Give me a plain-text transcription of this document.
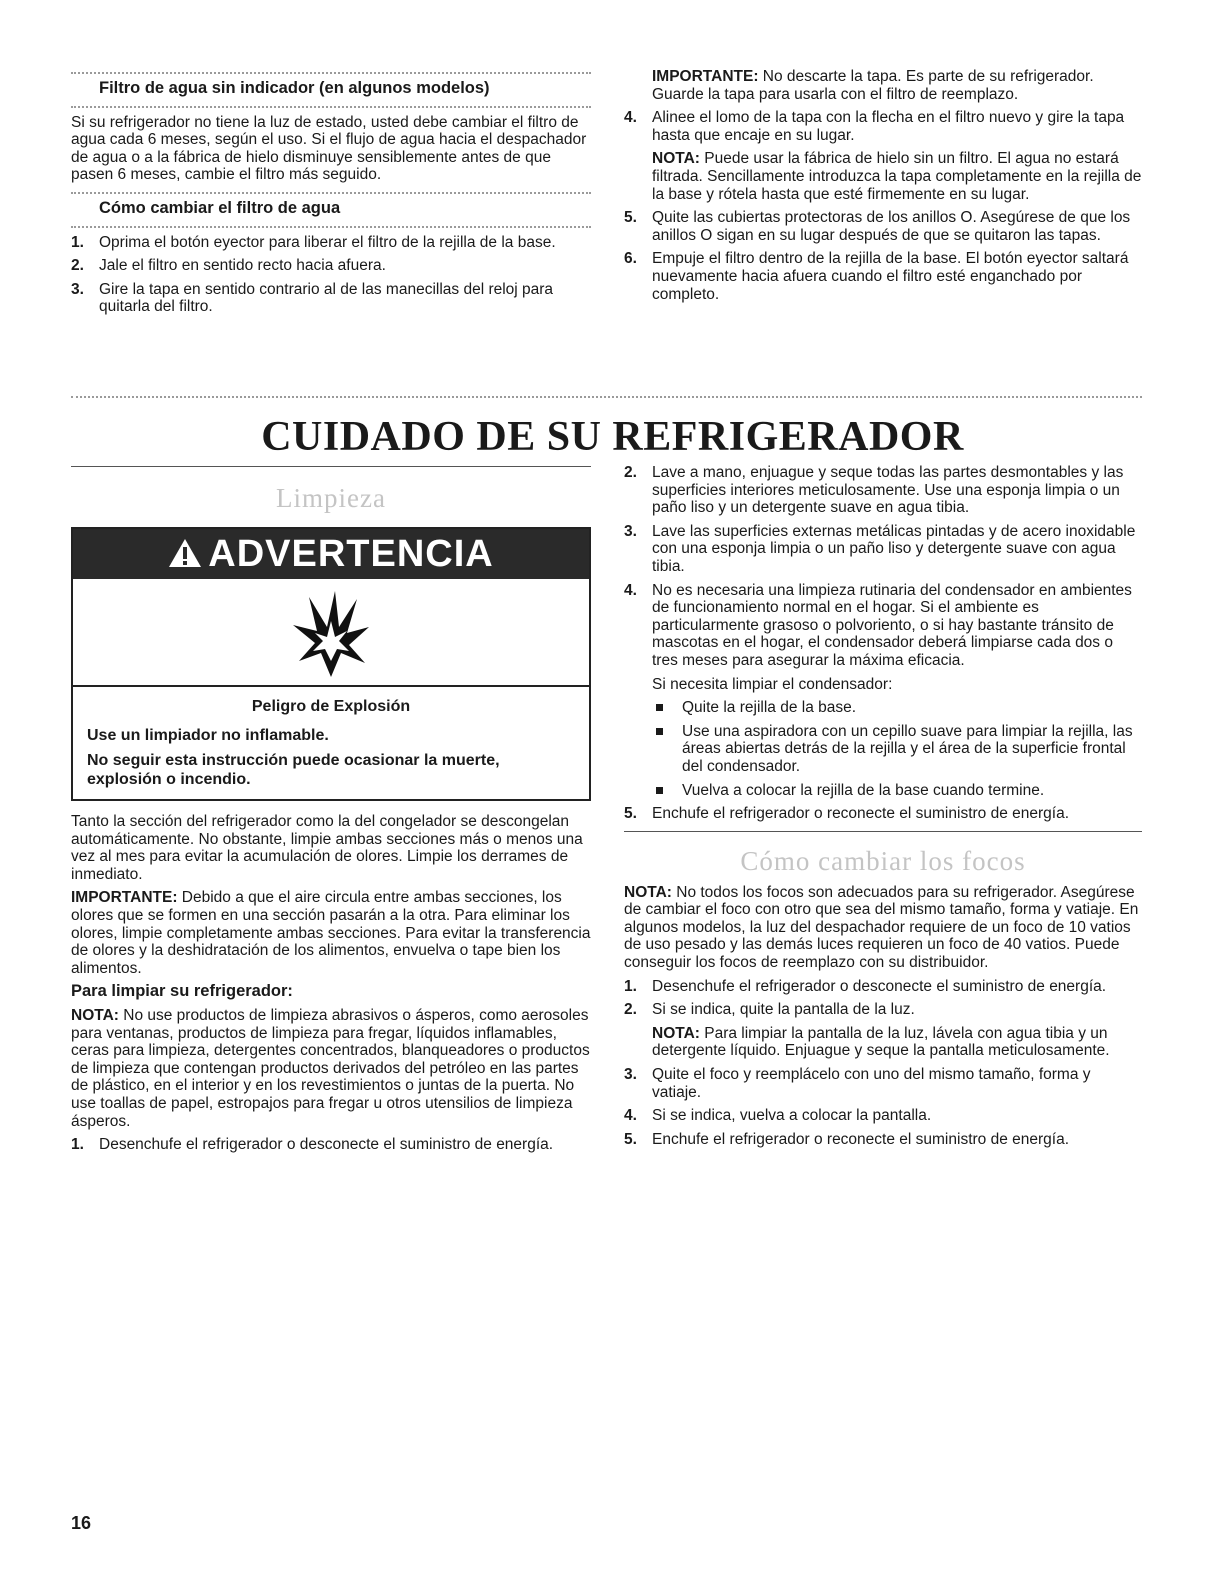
Filtro de agua sin indicador (en algunos modelos)

Si su refrigerador no tiene la luz de estado, usted debe cambiar el filtro de agua cada 6 meses, según el uso. Si el flujo de agua hacia el despachador de agua o a la fábrica de hielo disminuye sensiblemente antes de que pasen 6 meses, cambie el filtro más seguido.

Cómo cambiar el filtro de agua
1. Oprima el botón eyector para liberar el filtro de la rejilla de la base.
2. Jale el filtro en sentido recto hacia afuera.
3. Gire la tapa en sentido contrario al de las manecillas del reloj para quitarla del filtro.

IMPORTANTE: No descarte la tapa. Es parte de su refrigerador. Guarde la tapa para usarla con el filtro de reemplazo.

4. Alinee el lomo de la tapa con la flecha en el filtro nuevo y gire la tapa hasta que encaje en su lugar.

NOTA: Puede usar la fábrica de hielo sin un filtro. El agua no estará filtrada. Sencillamente introduzca la tapa completamente en la rejilla de la base y rótela hasta que esté firmemente en su lugar.

5. Quite las cubiertas protectoras de los anillos O. Asegúrese de que los anillos O sigan en su lugar después de que se quitaron las tapas.
6. Empuje el filtro dentro de la rejilla de la base. El botón eyector saltará nuevamente hacia afuera cuando el filtro esté enganchado por completo.
CUIDADO DE SU REFRIGERADOR
Limpieza
ADVERTENCIA
Peligro de Explosión

Use un limpiador no inflamable.

No seguir esta instrucción puede ocasionar la muerte, explosión o incendio.

Tanto la sección del refrigerador como la del congelador se descongelan automáticamente. No obstante, limpie ambas secciones más o menos una vez al mes para evitar la acumulación de olores. Limpie los derrames de inmediato.

IMPORTANTE: Debido a que el aire circula entre ambas secciones, los olores que se formen en una sección pasarán a la otra. Para eliminar los olores, limpie completamente ambas secciones. Para evitar la transferencia de olores y la deshidratación de los alimentos, envuelva o tape bien los alimentos.

Para limpiar su refrigerador:

NOTA: No use productos de limpieza abrasivos o ásperos, como aerosoles para ventanas, productos de limpieza para fregar, líquidos inflamables, ceras para limpieza, detergentes concentrados, blanqueadores o productos de limpieza que contengan productos derivados del petróleo en las partes de plástico, en el interior y en los revestimientos o juntas de la puerta. No use toallas de papel, estropajos para fregar u otros utensilios de limpieza ásperos.

1. Desenchufe el refrigerador o desconecte el suministro de energía.
2. Lave a mano, enjuague y seque todas las partes desmontables y las superficies interiores meticulosamente. Use una esponja limpia o un paño liso y un detergente suave en agua tibia.
3. Lave las superficies externas metálicas pintadas y de acero inoxidable con una esponja limpia o un paño liso y detergente suave con agua tibia.
4. No es necesaria una limpieza rutinaria del condensador en ambientes de funcionamiento normal en el hogar. Si el ambiente es particularmente grasoso o polvoriento, o si hay bastante tránsito de mascotas en el hogar, el condensador deberá limpiarse cada dos o tres meses para asegurar la máxima eficacia.

Si necesita limpiar el condensador:

Quite la rejilla de la base.
Use una aspiradora con un cepillo suave para limpiar la rejilla, las áreas abiertas detrás de la rejilla y el área de la superficie frontal del condensador.
Vuelva a colocar la rejilla de la base cuando termine.
5. Enchufe el refrigerador o reconecte el suministro de energía.
Cómo cambiar los focos

NOTA: No todos los focos son adecuados para su refrigerador. Asegúrese de cambiar el foco con otro que sea del mismo tamaño, forma y vatiaje. En algunos modelos, la luz del despachador requiere de un foco de 10 vatios de uso pesado y las demás luces requieren un foco de 40 vatios. Puede conseguir los focos de reemplazo con su distribuidor.

1. Desenchufe el refrigerador o desconecte el suministro de energía.
2. Si se indica, quite la pantalla de la luz.

NOTA: Para limpiar la pantalla de la luz, lávela con agua tibia y un detergente líquido. Enjuague y seque la pantalla meticulosamente.

3. Quite el foco y reemplácelo con uno del mismo tamaño, forma y vatiaje.
4. Si se indica, vuelva a colocar la pantalla.
5. Enchufe el refrigerador o reconecte el suministro de energía.
16
